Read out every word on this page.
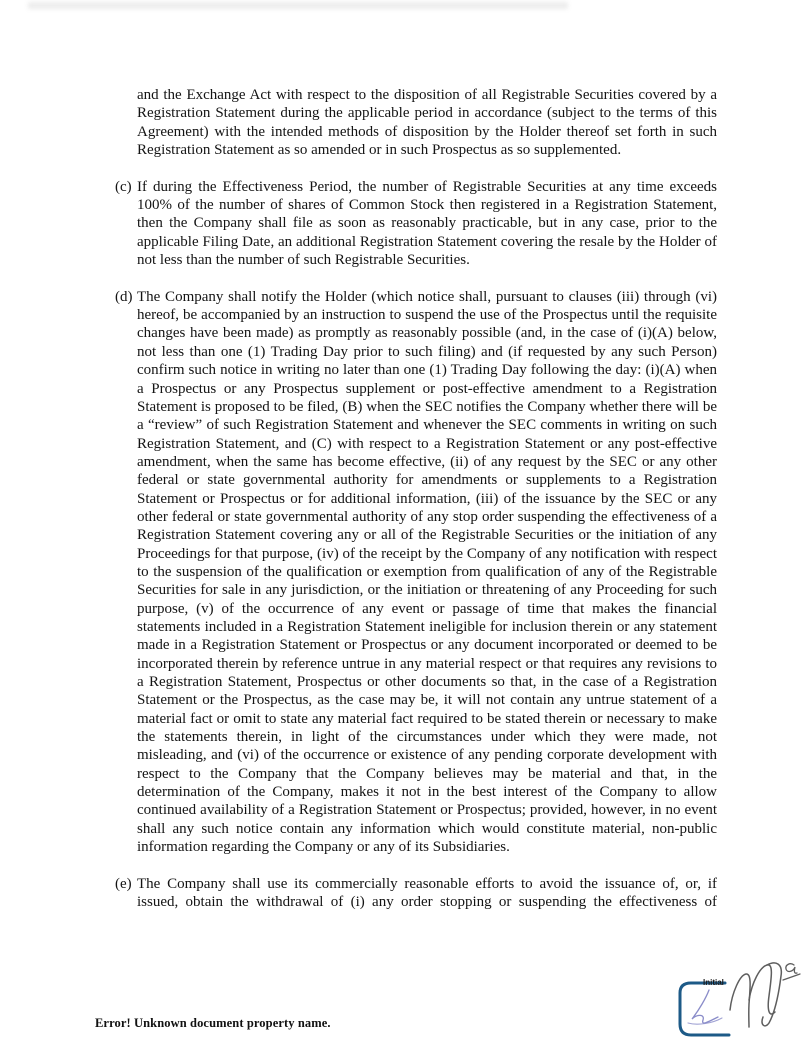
and the Exchange Act with respect to the disposition of all Registrable Securities covered by a Registration Statement during the applicable period in accordance (subject to the terms of this Agreement) with the intended methods of disposition by the Holder thereof set forth in such Registration Statement as so amended or in such Prospectus as so supplemented.

(c) If during the Effectiveness Period, the number of Registrable Securities at any time exceeds 100% of the number of shares of Common Stock then registered in a Registration Statement, then the Company shall file as soon as reasonably practicable, but in any case, prior to the applicable Filing Date, an additional Registration Statement covering the resale by the Holder of not less than the number of such Registrable Securities.

(d) The Company shall notify the Holder (which notice shall, pursuant to clauses (iii) through (vi) hereof, be accompanied by an instruction to suspend the use of the Prospectus until the requisite changes have been made) as promptly as reasonably possible (and, in the case of (i)(A) below, not less than one (1) Trading Day prior to such filing) and (if requested by any such Person) confirm such notice in writing no later than one (1) Trading Day following the day: (i)(A) when a Prospectus or any Prospectus supplement or post-effective amendment to a Registration Statement is proposed to be filed, (B) when the SEC notifies the Company whether there will be a “review” of such Registration Statement and whenever the SEC comments in writing on such Registration Statement, and (C) with respect to a Registration Statement or any post-effective amendment, when the same has become effective, (ii) of any request by the SEC or any other federal or state governmental authority for amendments or supplements to a Registration Statement or Prospectus or for additional information, (iii) of the issuance by the SEC or any other federal or state governmental authority of any stop order suspending the effectiveness of a Registration Statement covering any or all of the Registrable Securities or the initiation of any Proceedings for that purpose, (iv) of the receipt by the Company of any notification with respect to the suspension of the qualification or exemption from qualification of any of the Registrable Securities for sale in any jurisdiction, or the initiation or threatening of any Proceeding for such purpose, (v) of the occurrence of any event or passage of time that makes the financial statements included in a Registration Statement ineligible for inclusion therein or any statement made in a Registration Statement or Prospectus or any document incorporated or deemed to be incorporated therein by reference untrue in any material respect or that requires any revisions to a Registration Statement, Prospectus or other documents so that, in the case of a Registration Statement or the Prospectus, as the case may be, it will not contain any untrue statement of a material fact or omit to state any material fact required to be stated therein or necessary to make the statements therein, in light of the circumstances under which they were made, not misleading, and (vi) of the occurrence or existence of any pending corporate development with respect to the Company that the Company believes may be material and that, in the determination of the Company, makes it not in the best interest of the Company to allow continued availability of a Registration Statement or Prospectus; provided, however, in no event shall any such notice contain any information which would constitute material, non-public information regarding the Company or any of its Subsidiaries.

(e) The Company shall use its commercially reasonable efforts to avoid the issuance of, or, if issued, obtain the withdrawal of (i) any order stopping or suspending the effectiveness of

Error! Unknown document property name.
Initial
